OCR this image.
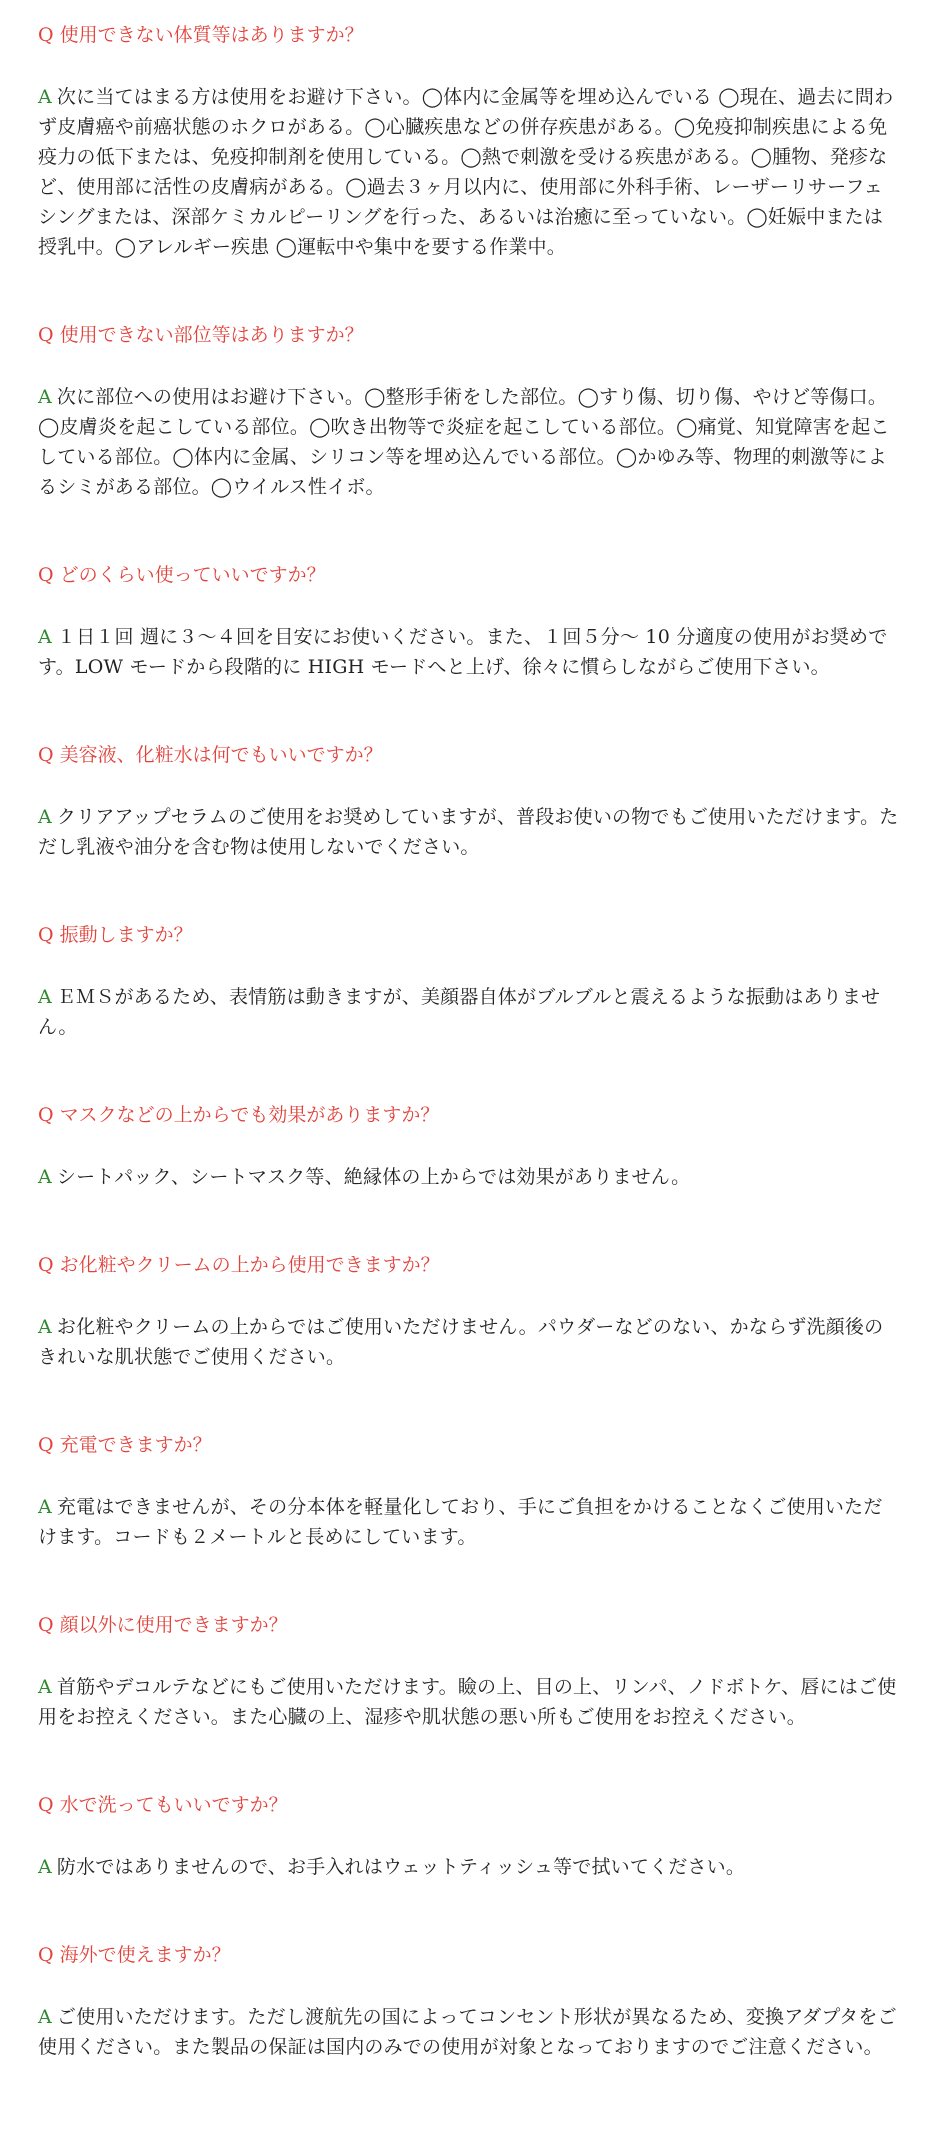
Q 使用できない体質等はありますか？

A 次に当てはまる方は使用をお避け下さい。◯体内に金属等を埋め込んでいる ◯現在、過去に問わず皮膚癌や前癌状態のホクロがある。◯心臓疾患などの併存疾患がある。◯免疫抑制疾患による免疫力の低下または、免疫抑制剤を使用している。◯熱で刺激を受ける疾患がある。◯腫物、発疹など、使用部に活性の皮膚病がある。◯過去３ヶ月以内に、使用部に外科手術、レーザーリサーフェシングまたは、深部ケミカルピーリングを行った、あるいは治癒に至っていない。◯妊娠中または授乳中。◯アレルギー疾患 ◯運転中や集中を要する作業中。

Q 使用できない部位等はありますか？

A 次に部位への使用はお避け下さい。◯整形手術をした部位。◯すり傷、切り傷、やけど等傷口。◯皮膚炎を起こしている部位。◯吹き出物等で炎症を起こしている部位。◯痛覚、知覚障害を起こしている部位。◯体内に金属、シリコン等を埋め込んでいる部位。◯かゆみ等、物理的刺激等によるシミがある部位。◯ウイルス性イボ。

Q どのくらい使っていいですか？

A １日１回 週に３～４回を目安にお使いください。また、１回５分～ 10 分適度の使用がお奨めです。LOW モードから段階的に HIGH モードへと上げ、徐々に慣らしながらご使用下さい。

Q 美容液、化粧水は何でもいいですか？

A クリアアップセラムのご使用をお奨めしていますが、普段お使いの物でもご使用いただけます。ただし乳液や油分を含む物は使用しないでください。

Q 振動しますか？

A ＥＭＳがあるため、表情筋は動きますが、美顔器自体がブルブルと震えるような振動はありません。

Q マスクなどの上からでも効果がありますか？

A シートパック、シートマスク等、絶縁体の上からでは効果がありません。

Q お化粧やクリームの上から使用できますか？

A お化粧やクリームの上からではご使用いただけません。パウダーなどのない、かならず洗顔後のきれいな肌状態でご使用ください。

Q 充電できますか？

A 充電はできませんが、その分本体を軽量化しており、手にご負担をかけることなくご使用いただけます。コードも２メートルと長めにしています。

Q 顔以外に使用できますか？

A 首筋やデコルテなどにもご使用いただけます。瞼の上、目の上、リンパ、ノドボトケ、唇にはご使用をお控えください。また心臓の上、湿疹や肌状態の悪い所もご使用をお控えください。

Q 水で洗ってもいいですか？

A 防水ではありませんので、お手入れはウェットティッシュ等で拭いてください。

Q 海外で使えますか？

A ご使用いただけます。ただし渡航先の国によってコンセント形状が異なるため、変換アダプタをご使用ください。また製品の保証は国内のみでの使用が対象となっておりますのでご注意ください。
